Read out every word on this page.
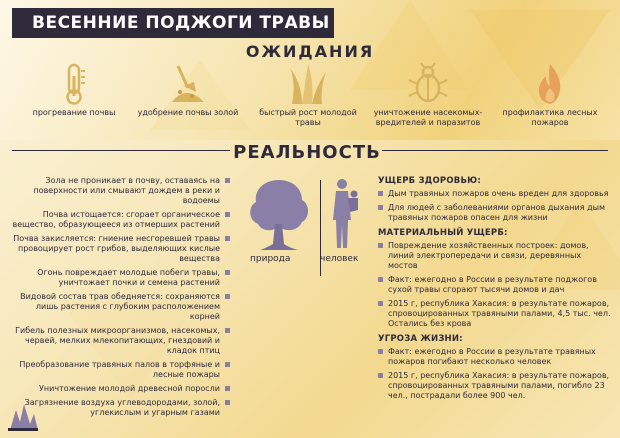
ВЕСЕННИЕ ПОДЖОГИ ТРАВЫ
ОЖИДАНИЯ
прогревание почвы	удобрение почвы золой	быстрый рост молодой травы
уничтожение насекомых-вредителей и паразитов
профилактика лесных пожаров
РЕАЛЬНОСТЬ
Зола не проникает в почву, оставаясь на поверхности или смывают дождем в реки и водоемы
Почва истощается: сгорает органическое вещество, образующееся из отмерших растений
Почва закисляется: гниение несгоревшей травы провоцирует рост грибов, выделяющих кислые вещества
Огонь повреждает молодые побеги травы, уничтожает почки и семена растений
Видовой состав трав обедняется: сохраняются лишь растения с глубоким расположением корней
Гибель полезных микроорганизмов, насекомых, червей, мелких млекопитающих, гнездовий и кладок птиц
Преобразование травяных палов в торфяные и лесные пожары
Уничтожение молодой древесной поросли
Загрязнение воздуха углеводородами, золой, углекислым и угарным газами
природа	человек
УЩЕРБ ЗДОРОВЬЮ:
Дым травяных пожаров очень вреден для здоровья
Для людей с заболеваниями органов дыхания дым травяных пожаров опасен для жизни
МАТЕРИАЛЬНЫЙ УЩЕРБ:
Повреждение хозяйственных построек: домов, линий электропередачи и связи, деревянных мостов
Факт: ежегодно в России в результате поджогов сухой травы сгорают тысячи домов и дач
2015 г, республика Хакасия: в результате пожаров, спровоцированных травяными палами, 4,5 тыс. чел. Остались без крова
УГРОЗА ЖИЗНИ:
Факт: ежегодно в России в результате травяных пожаров погибают несколько человек
2015 г, республика Хакасия: в результате пожаров, спровоцированных травяными палами, погибло 23 чел., пострадали более 900 чел.
